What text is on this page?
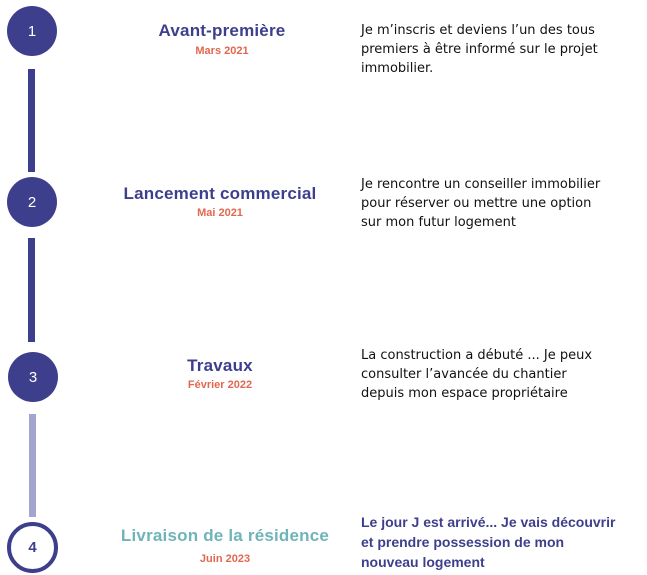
1
2
3
4
Avant-première
Mars 2021
Je m’inscris et deviens l’un des tous
premiers à être informé sur le projet
immobilier.
Lancement commercial
Mai 2021
Je rencontre un conseiller immobilier
pour réserver ou mettre une option
sur mon futur logement
Travaux
Février 2022
La construction a débuté ... Je peux
consulter l’avancée du chantier
depuis mon espace propriétaire
Livraison de la résidence
Juin 2023
Le jour J est arrivé... Je vais découvrir
et prendre possession de mon
nouveau logement
